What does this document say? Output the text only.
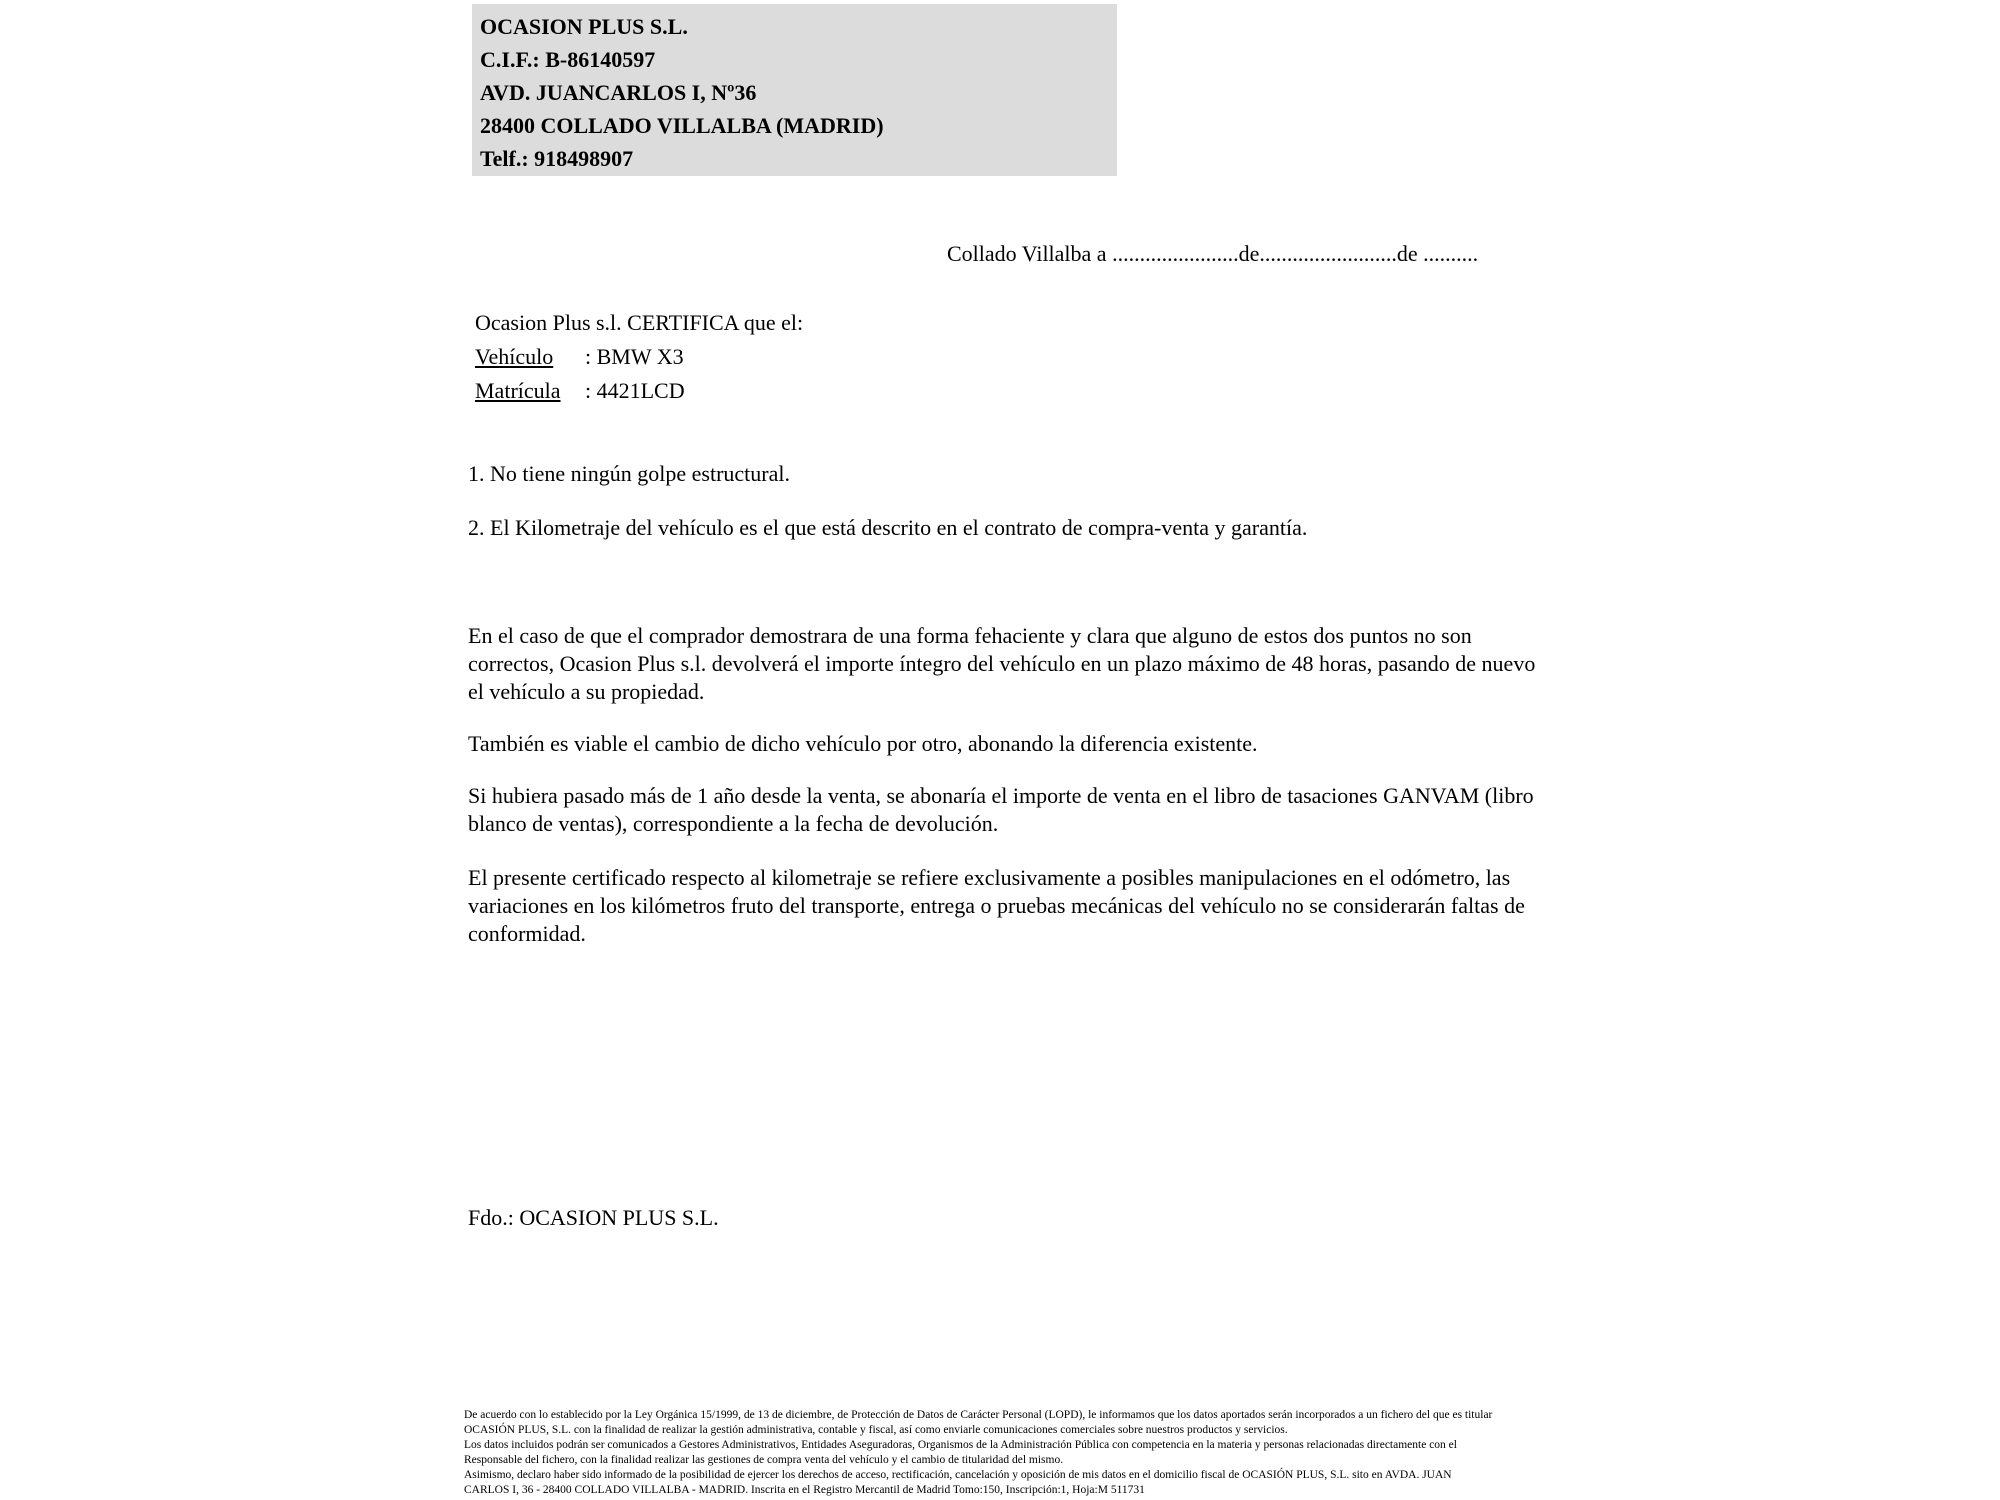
OCASION PLUS S.L.
C.I.F.: B-86140597
AVD. JUANCARLOS I, Nº36
28400 COLLADO VILLALBA (MADRID)
Telf.: 918498907
Collado Villalba a .......................de.........................de ..........
Ocasion Plus s.l. CERTIFICA que el:
Vehículo : BMW X3
Matrícula : 4421LCD
1. No tiene ningún golpe estructural.
2. El Kilometraje del vehículo es el que está descrito en el contrato de compra-venta y garantía.
En el caso de que el comprador demostrara de una forma fehaciente y clara que alguno de estos dos puntos no son correctos, Ocasion Plus s.l. devolverá el importe íntegro del vehículo en un plazo máximo de 48 horas, pasando de nuevo el vehículo a su propiedad.
También es viable el cambio de dicho vehículo por otro, abonando la diferencia existente.
Si hubiera pasado más de 1 año desde la venta, se abonaría el importe de venta en el libro de tasaciones GANVAM (libro blanco de ventas), correspondiente a la fecha de devolución.
El presente certificado respecto al kilometraje se refiere exclusivamente a posibles manipulaciones en el odómetro, las variaciones en los kilómetros fruto del transporte, entrega o pruebas mecánicas del vehículo no se considerarán faltas de conformidad.
Fdo.: OCASION PLUS S.L.
De acuerdo con lo establecido por la Ley Orgánica 15/1999, de 13 de diciembre, de Protección de Datos de Carácter Personal (LOPD), le informamos que los datos aportados serán incorporados a un fichero del que es titular
OCASIÓN PLUS, S.L. con la finalidad de realizar la gestión administrativa, contable y fiscal, así como enviarle comunicaciones comerciales sobre nuestros productos y servicios.
Los datos incluidos podrán ser comunicados a Gestores Administrativos, Entidades Aseguradoras, Organismos de la Administración Pública con competencia en la materia y personas relacionadas directamente con el
Responsable del fichero, con la finalidad realizar las gestiones de compra venta del vehículo y el cambio de titularidad del mismo.
Asimismo, declaro haber sido informado de la posibilidad de ejercer los derechos de acceso, rectificación, cancelación y oposición de mis datos en el domicilio fiscal de OCASIÓN PLUS, S.L. sito en AVDA. JUAN
CARLOS I, 36 - 28400 COLLADO VILLALBA - MADRID. Inscrita en el Registro Mercantil de Madrid Tomo:150, Inscripción:1, Hoja:M 511731
